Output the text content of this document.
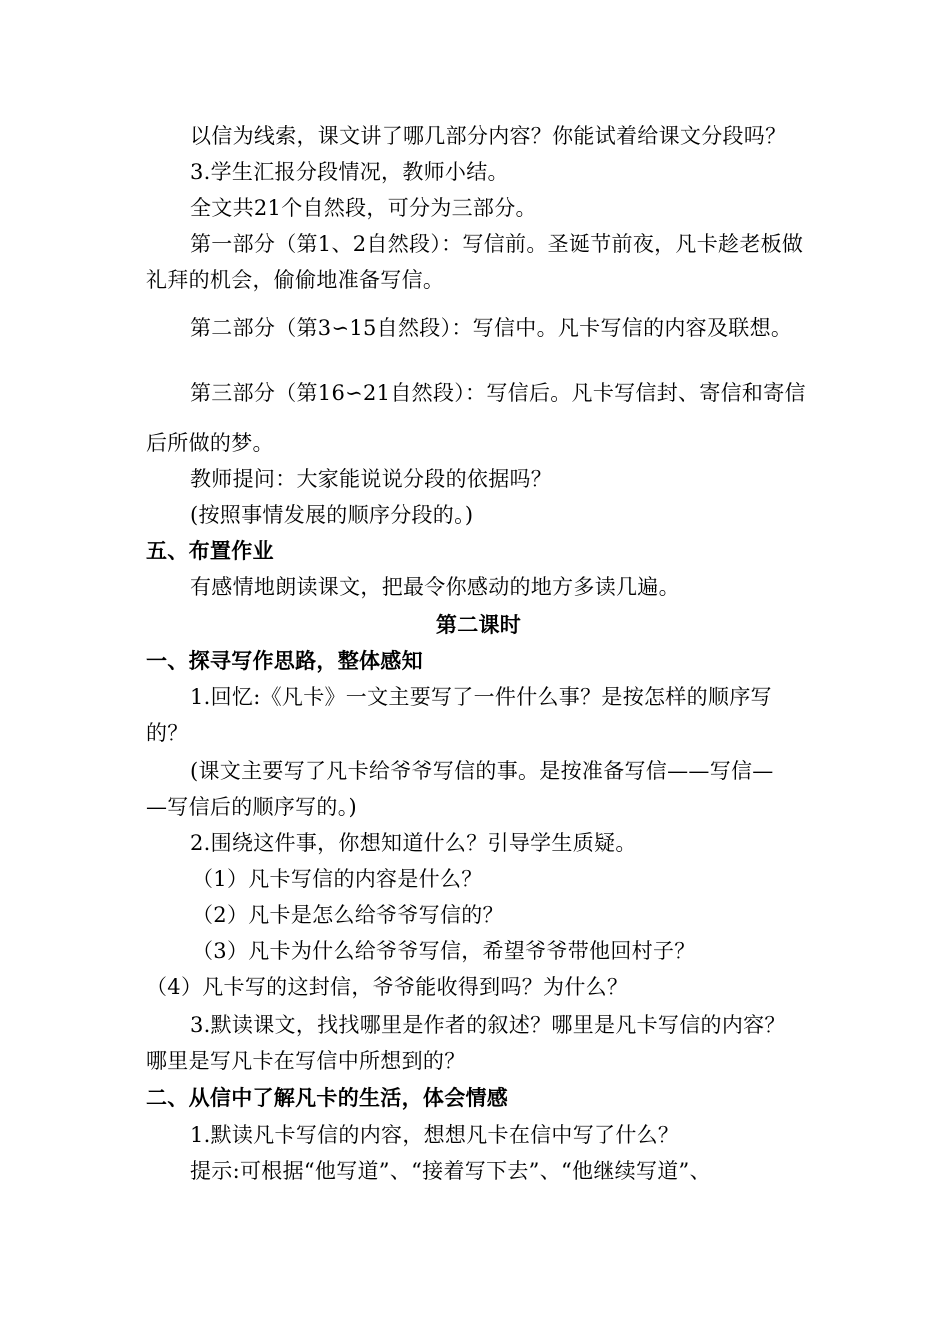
以信为线索，课文讲了哪几部分内容？你能试着给课文分段吗？
3.学生汇报分段情况，教师小结。
全文共21个自然段，可分为三部分。
第一部分（第1、2自然段）：写信前。圣诞节前夜，凡卡趁老板做
礼拜的机会，偷偷地准备写信。
第二部分（第3∽15自然段）：写信中。凡卡写信的内容及联想。
第三部分（第16∽21自然段）：写信后。凡卡写信封、寄信和寄信
后所做的梦。
教师提问：大家能说说分段的依据吗？
(按照事情发展的顺序分段的。)
五、布置作业
有感情地朗读课文，把最令你感动的地方多读几遍。
第二课时
一、探寻写作思路，整体感知
1.回忆:《凡卡》一文主要写了一件什么事？是按怎样的顺序写
的？
(课文主要写了凡卡给爷爷写信的事。是按准备写信——写信—
—写信后的顺序写的。)
2.围绕这件事，你想知道什么？引导学生质疑。
（1）凡卡写信的内容是什么？
（2）凡卡是怎么给爷爷写信的？
（3）凡卡为什么给爷爷写信，希望爷爷带他回村子？
（4）凡卡写的这封信，爷爷能收得到吗？为什么？
3.默读课文，找找哪里是作者的叙述？哪里是凡卡写信的内容？
哪里是写凡卡在写信中所想到的？
二、从信中了解凡卡的生活，体会情感
1.默读凡卡写信的内容，想想凡卡在信中写了什么？
提示:可根据“他写道”、“接着写下去”、“他继续写道”、
